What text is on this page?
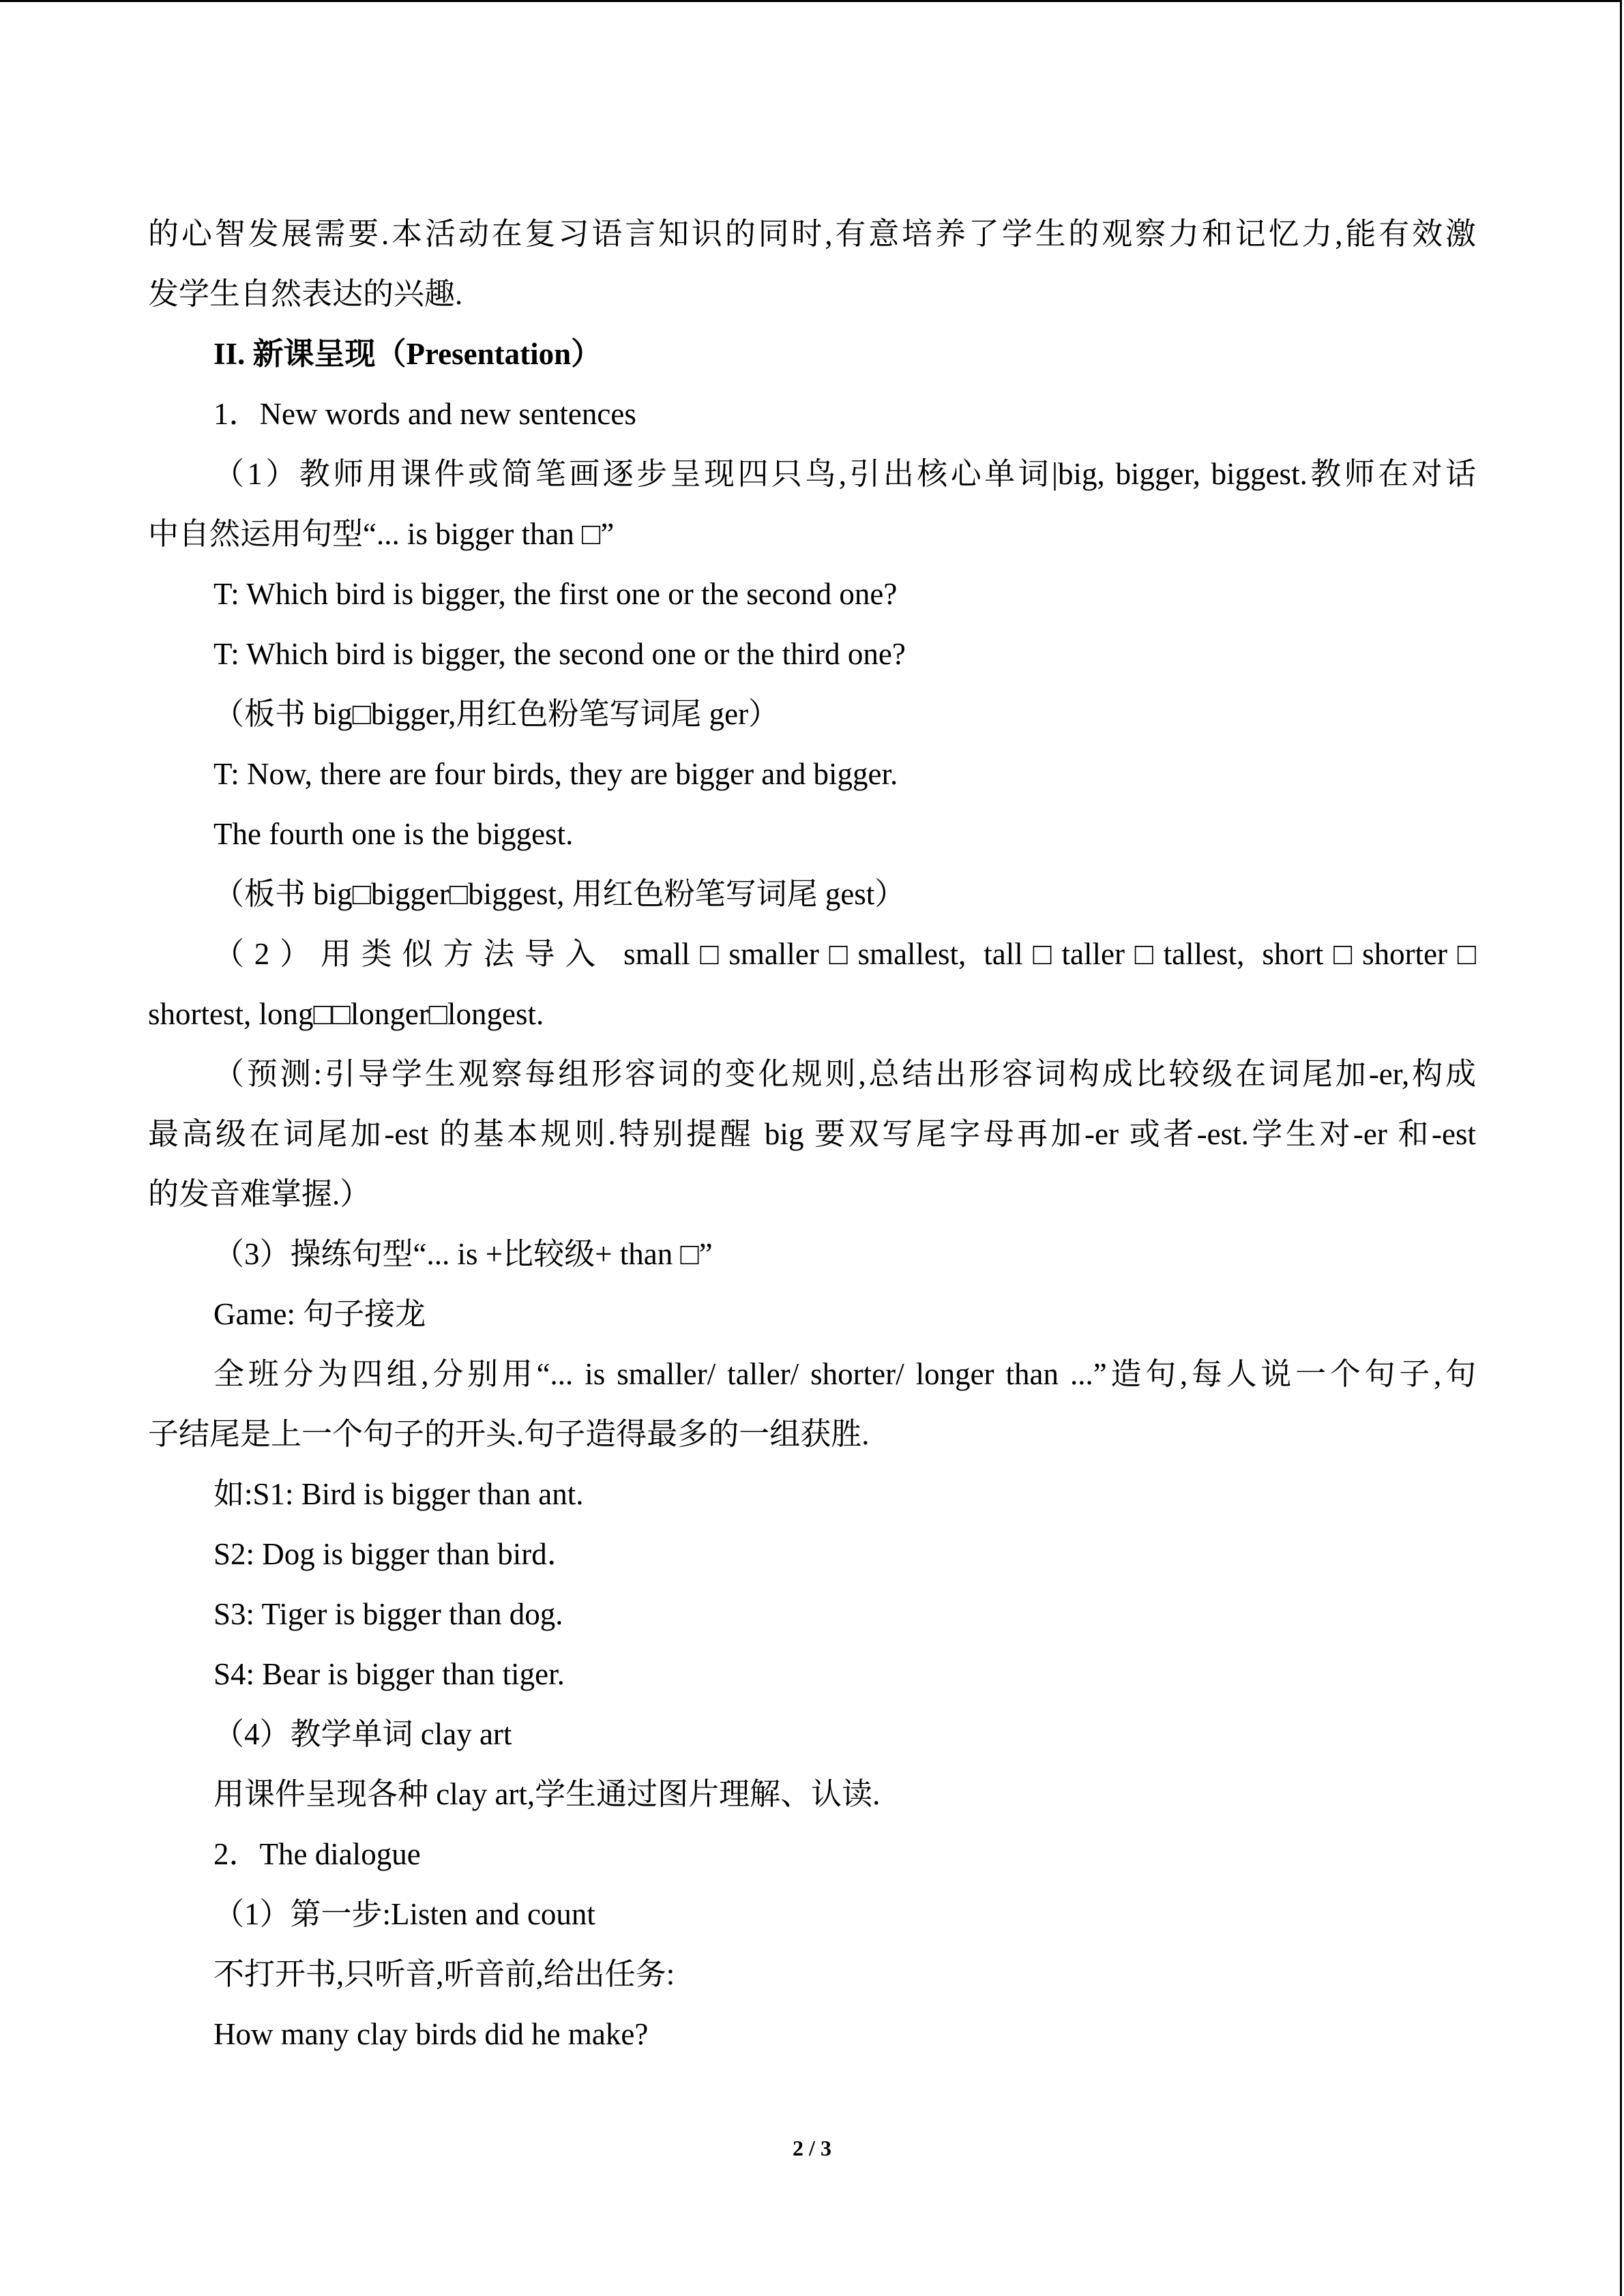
的心智发展需要.本活动在复习语言知识的同时,有意培养了学生的观察力和记忆力,能有效激
发学生自然表达的兴趣.
II. 新课呈现（Presentation）
1．New words and new sentences
（1）教师用课件或简笔画逐步呈现四只鸟,引出核心单词|big, bigger, biggest.教师在对话
中自然运用句型“... is bigger than □”
T: Which bird is bigger, the first one or the second one?
T: Which bird is bigger, the second one or the third one?
（板书 big□bigger,用红色粉笔写词尾 ger）
T: Now, there are four birds, they are bigger and bigger.
The fourth one is the biggest.
（板书 big□bigger□biggest, 用红色粉笔写词尾 gest）
（2）用类似方法导入 small□smaller□smallest, tall□taller□tallest, short□shorter□
shortest, long□□longer□longest.
（预测:引导学生观察每组形容词的变化规则,总结出形容词构成比较级在词尾加-er,构成
最高级在词尾加-est 的基本规则.特别提醒 big 要双写尾字母再加-er 或者-est.学生对-er 和-est
的发音难掌握.）
（3）操练句型“... is +比较级+ than □”
Game: 句子接龙
全班分为四组,分别用“... is smaller/ taller/ shorter/ longer than ...”造句,每人说一个句子,句
子结尾是上一个句子的开头.句子造得最多的一组获胜.
如:S1: Bird is bigger than ant.
S2: Dog is bigger than bird．
S3: Tiger is bigger than dog.
S4: Bear is bigger than tiger.
（4）教学单词 clay art
用课件呈现各种 clay art,学生通过图片理解、认读.
2．The dialogue
（1）第一步:Listen and count
不打开书,只听音,听音前,给出任务:
How many clay birds did he make?
2 / 3
